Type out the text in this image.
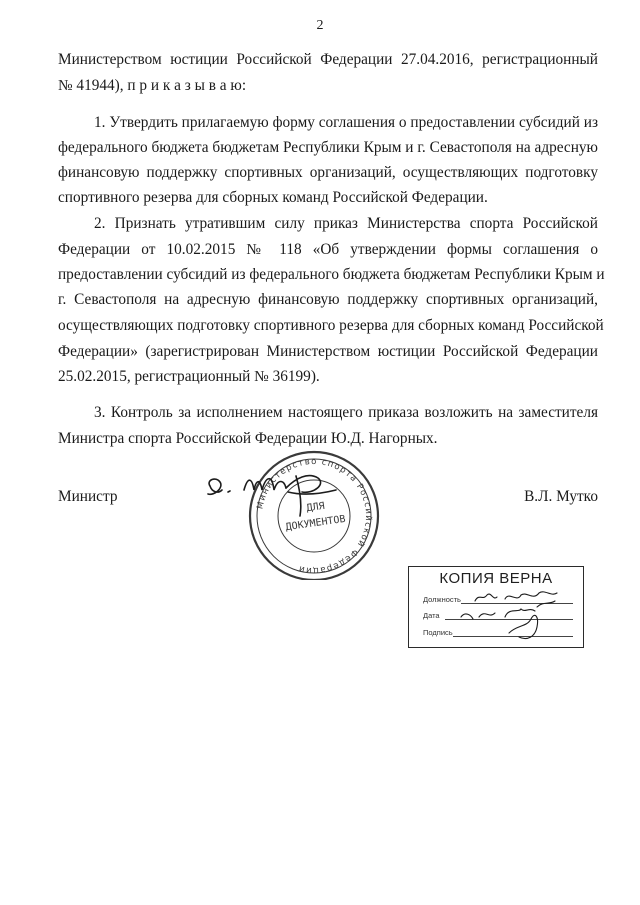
2
Министерством юстиции Российской Федерации 27.04.2016, регистрационный
№ 41944), п р и к а з ы в а ю:
1. Утвердить прилагаемую форму соглашения о предоставлении субсидий из
федерального бюджета бюджетам Республики Крым и г. Севастополя на адресную
финансовую поддержку спортивных организаций, осуществляющих подготовку
спортивного резерва для сборных команд Российской Федерации.
2. Признать утратившим силу приказ Министерства спорта Российской
Федерации от 10.02.2015 № 118 «Об утверждении формы соглашения о
предоставлении субсидий из федерального бюджета бюджетам Республики Крым и
г. Севастополя на адресную финансовую поддержку спортивных организаций,
осуществляющих подготовку спортивного резерва для сборных команд Российской
Федерации» (зарегистрирован Министерством юстиции Российской Федерации
25.02.2015, регистрационный № 36199).
3. Контроль за исполнением настоящего приказа возложить на заместителя
Министра спорта Российской Федерации Ю.Д. Нагорных.
Министр	В.Л. Мутко
Министерство спорта Российской Федерации
ДЛЯ
ДОКУМЕНТОВ
КОПИЯ ВЕРНА
Должность
Дата
Подпись
